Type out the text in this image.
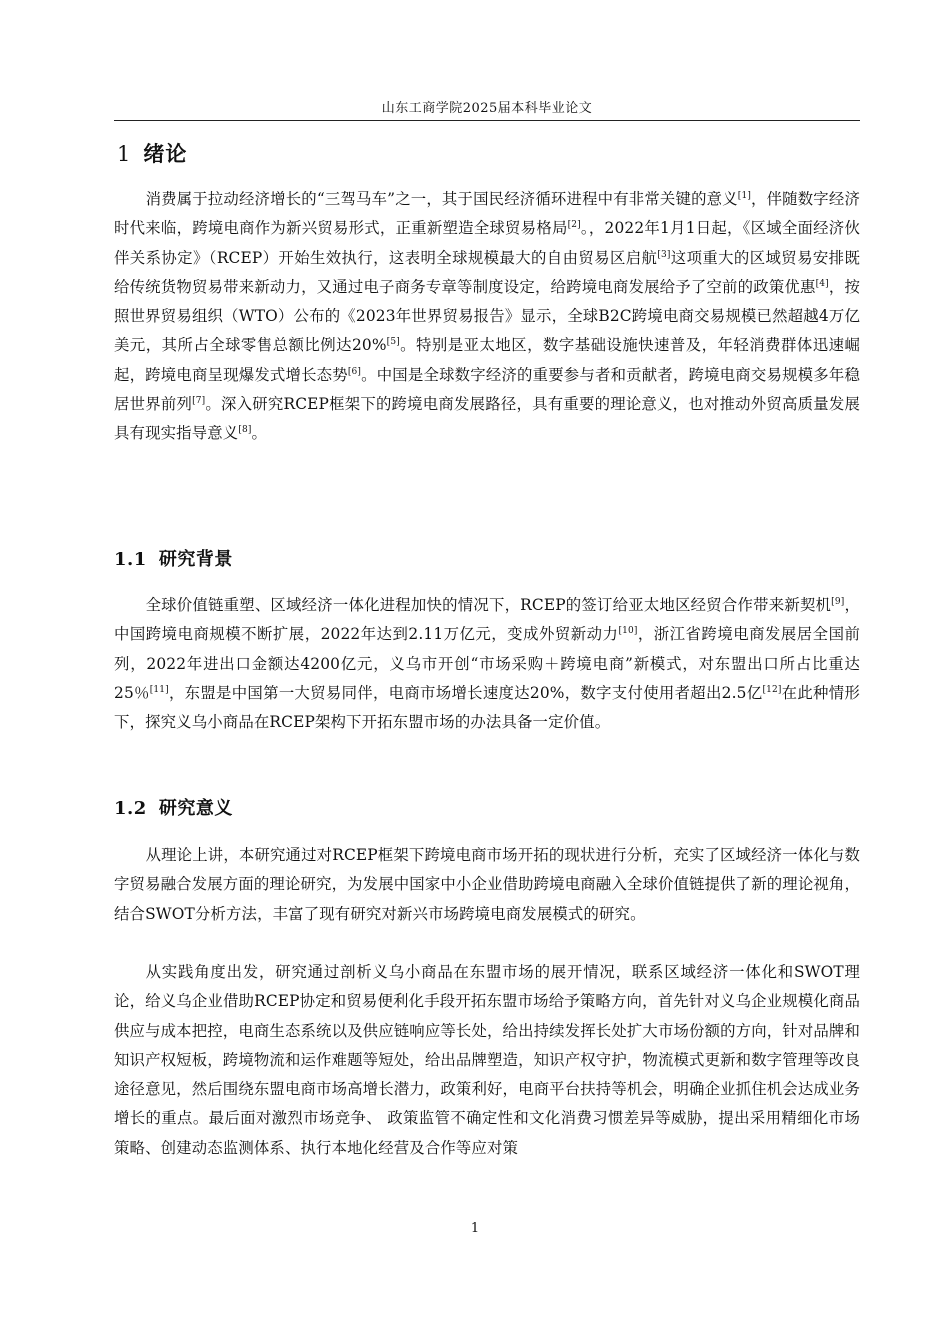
山东工商学院2025届本科毕业论文
1 绪论

消费属于拉动经济增长的“三驾马车”之一，其于国民经济循环进程中有非常关键的意义[1]，伴随数字经济时代来临，跨境电商作为新兴贸易形式，正重新塑造全球贸易格局[2]。，2022年1月1日起，《区域全面经济伙伴关系协定》（RCEP）开始生效执行，这表明全球规模最大的自由贸易区启航[3]这项重大的区域贸易安排既给传统货物贸易带来新动力，又通过电子商务专章等制度设定，给跨境电商发展给予了空前的政策优惠[4]，按照世界贸易组织（WTO）公布的《2023年世界贸易报告》显示，全球B2C跨境电商交易规模已然超越4万亿美元，其所占全球零售总额比例达20%[5]。特别是亚太地区，数字基础设施快速普及，年轻消费群体迅速崛起，跨境电商呈现爆发式增长态势[6]。中国是全球数字经济的重要参与者和贡献者，跨境电商交易规模多年稳居世界前列[7]。深入研究RCEP框架下的跨境电商发展路径，具有重要的理论意义，也对推动外贸高质量发展具有现实指导意义[8]。

1.1 研究背景

全球价值链重塑、区域经济一体化进程加快的情况下，RCEP的签订给亚太地区经贸合作带来新契机[9]，中国跨境电商规模不断扩展，2022年达到2.11万亿元，变成外贸新动力[10]，浙江省跨境电商发展居全国前列，2022年进出口金额达4200亿元，义乌市开创“市场采购＋跨境电商”新模式，对东盟出口所占比重达25％[11]，东盟是中国第一大贸易同伴，电商市场增长速度达20%，数字支付使用者超出2.5亿[12]在此种情形下，探究义乌小商品在RCEP架构下开拓东盟市场的办法具备一定价值。

1.2 研究意义

从理论上讲，本研究通过对RCEP框架下跨境电商市场开拓的现状进行分析，充实了区域经济一体化与数字贸易融合发展方面的理论研究，为发展中国家中小企业借助跨境电商融入全球价值链提供了新的理论视角，结合SWOT分析方法，丰富了现有研究对新兴市场跨境电商发展模式的研究。

从实践角度出发，研究通过剖析义乌小商品在东盟市场的展开情况，联系区域经济一体化和SWOT理论，给义乌企业借助RCEP协定和贸易便利化手段开拓东盟市场给予策略方向，首先针对义乌企业规模化商品供应与成本把控，电商生态系统以及供应链响应等长处，给出持续发挥长处扩大市场份额的方向，针对品牌和知识产权短板，跨境物流和运作难题等短处，给出品牌塑造，知识产权守护，物流模式更新和数字管理等改良途径意见，然后围绕东盟电商市场高增长潜力，政策利好，电商平台扶持等机会，明确企业抓住机会达成业务增长的重点。最后面对激烈市场竞争、 政策监管不确定性和文化消费习惯差异等威胁，提出采用精细化市场策略、创建动态监测体系、执行本地化经营及合作等应对策

1
